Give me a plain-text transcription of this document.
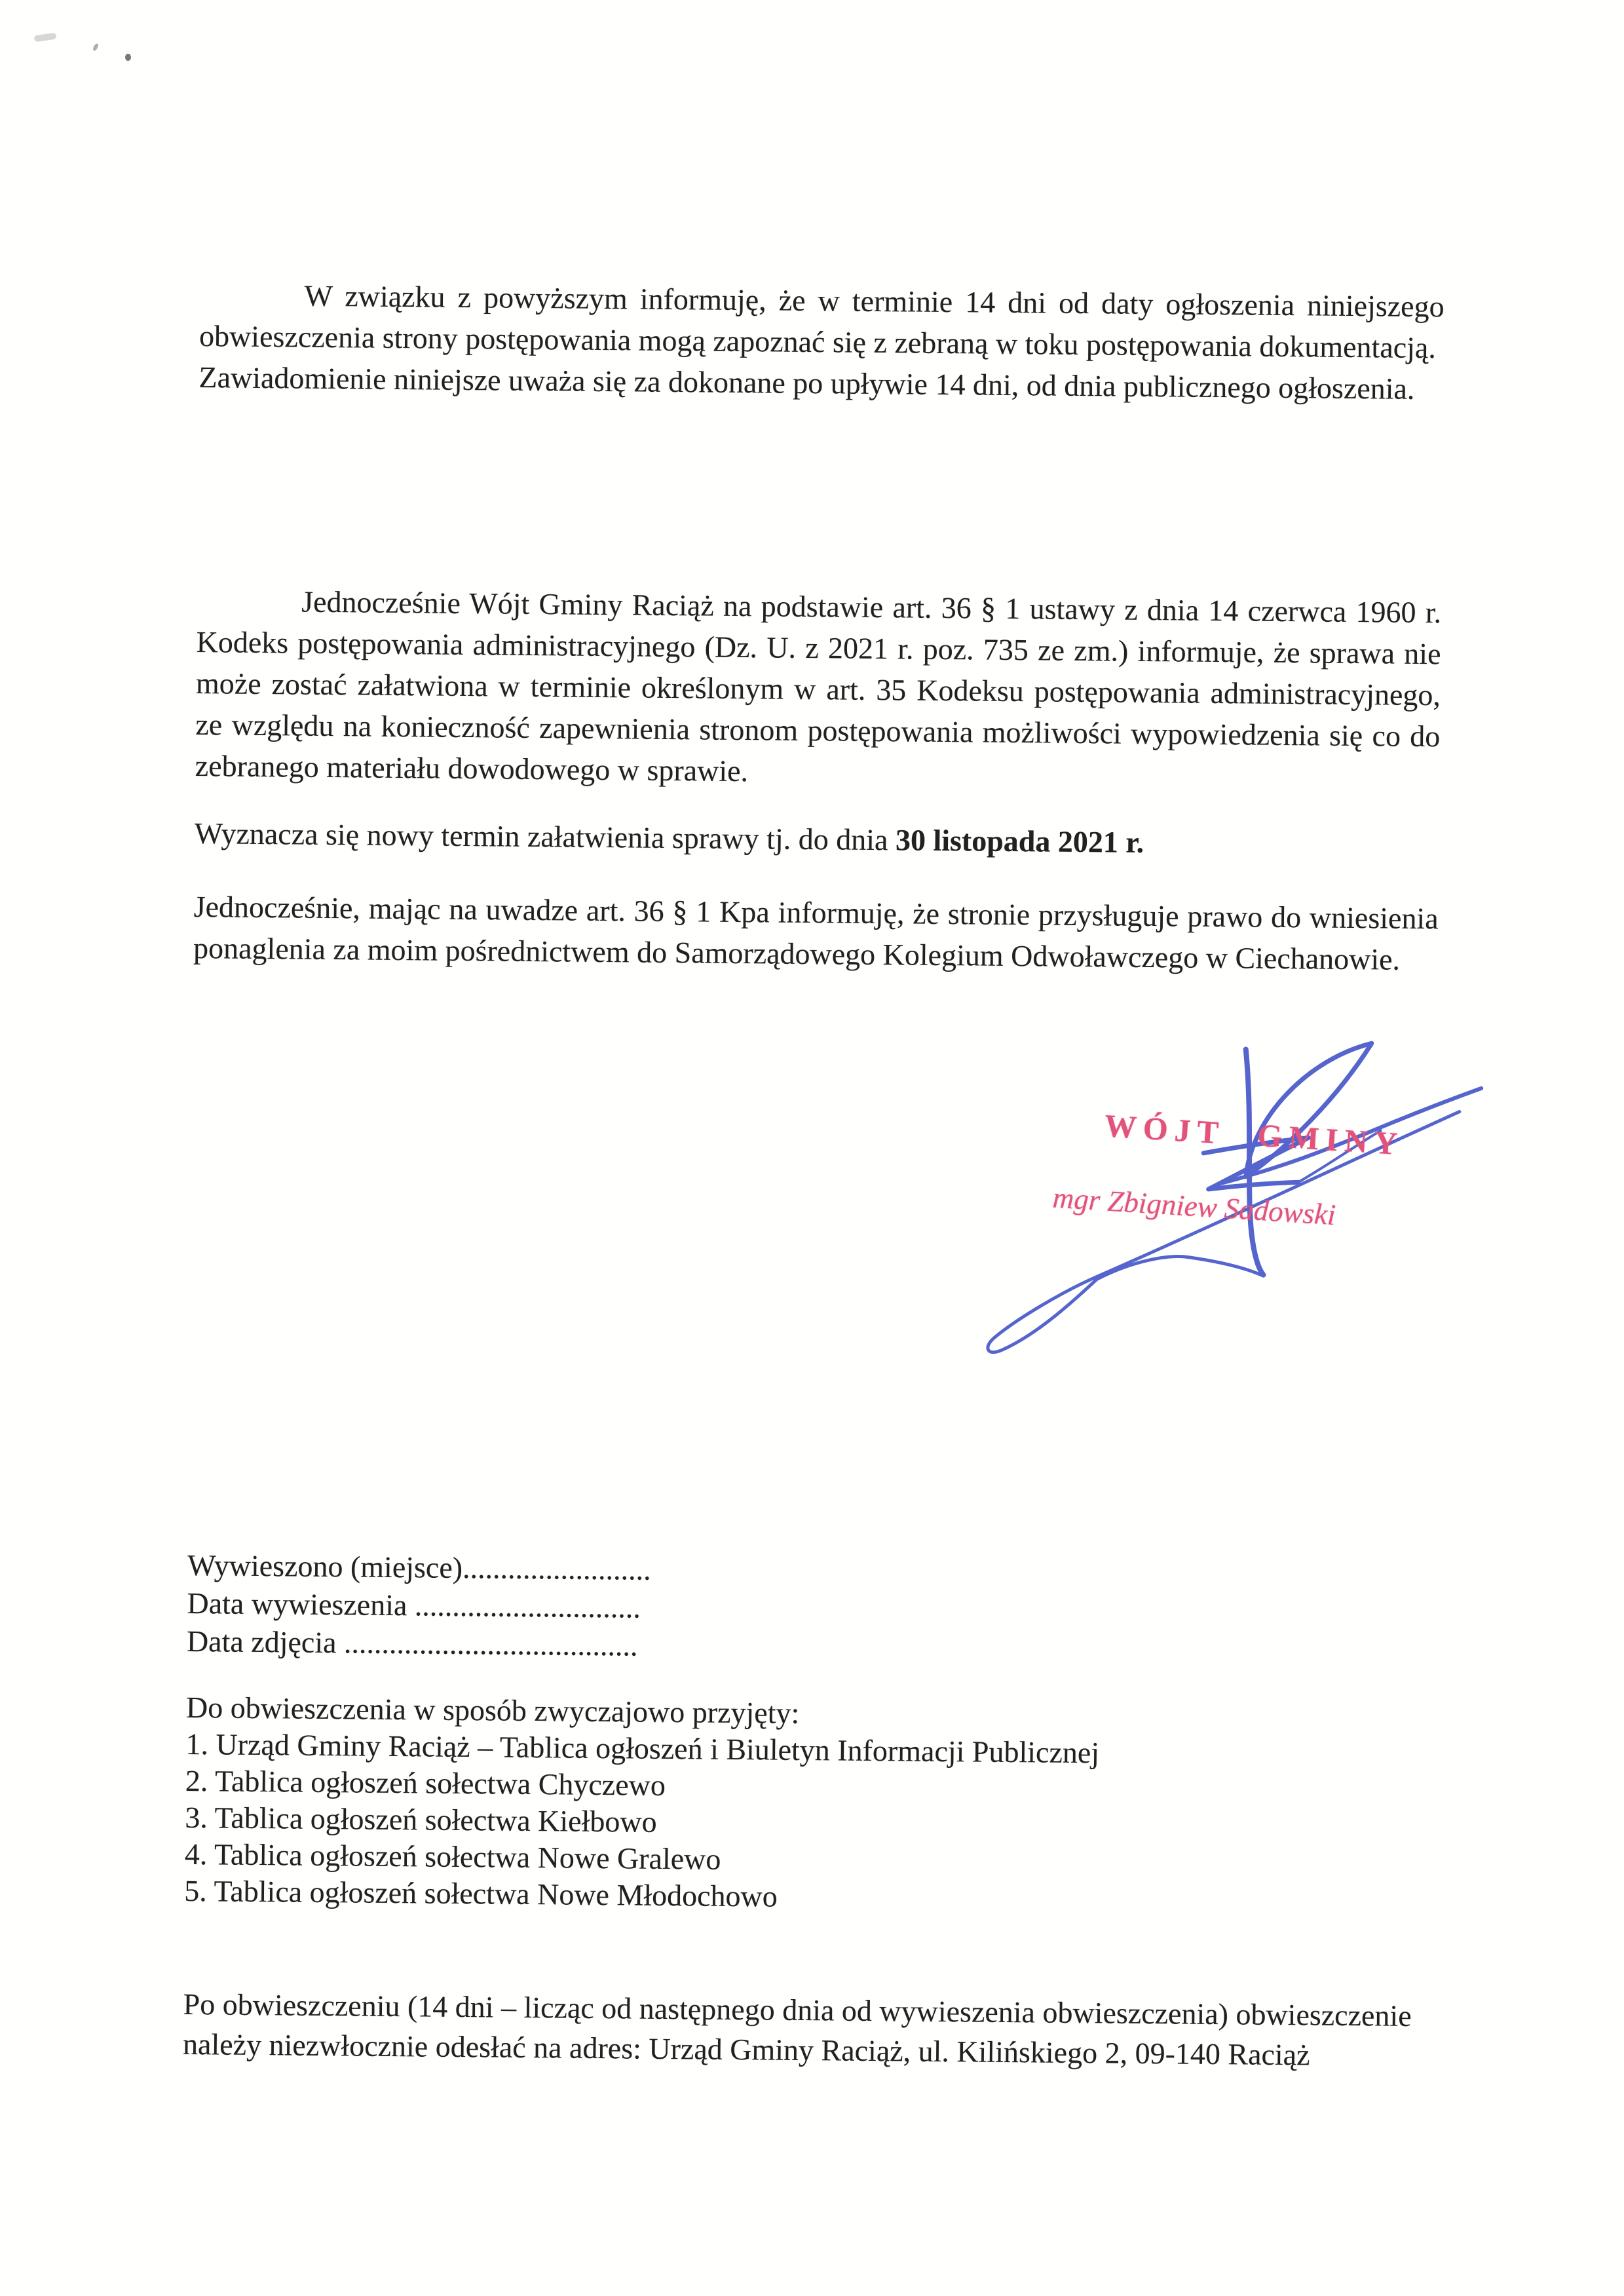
W związku z powyższym informuję, że w terminie 14 dni od daty ogłoszenia niniejszego obwieszczenia strony postępowania mogą zapoznać się z zebraną w toku postępowania dokumentacją.
Zawiadomienie niniejsze uważa się za dokonane po upływie 14 dni, od dnia publicznego ogłoszenia.
Jednocześnie Wójt Gminy Raciąż na podstawie art. 36 § 1 ustawy z dnia 14 czerwca 1960 r. Kodeks postępowania administracyjnego (Dz. U. z 2021 r. poz. 735 ze zm.) informuje, że sprawa nie może zostać załatwiona w terminie określonym w art. 35 Kodeksu postępowania administracyjnego, ze względu na konieczność zapewnienia stronom postępowania możliwości wypowiedzenia się co do zebranego materiału dowodowego w sprawie.
Wyznacza się nowy termin załatwienia sprawy tj. do dnia 30 listopada 2021 r.
Jednocześnie, mając na uwadze art. 36 § 1 Kpa informuję, że stronie przysługuje prawo do wniesienia ponaglenia za moim pośrednictwem do Samorządowego Kolegium Odwoławczego w Ciechanowie.
WÓJT GMINY
mgr Zbigniew Sadowski
Wywieszono (miejsce).........................
Data wywieszenia ..............................
Data zdjęcia .......................................
Do obwieszczenia w sposób zwyczajowo przyjęty:
1. Urząd Gminy Raciąż – Tablica ogłoszeń i Biuletyn Informacji Publicznej
2. Tablica ogłoszeń sołectwa Chyczewo
3. Tablica ogłoszeń sołectwa Kiełbowo
4. Tablica ogłoszeń sołectwa Nowe Gralewo
5. Tablica ogłoszeń sołectwa Nowe Młodochowo
Po obwieszczeniu (14 dni – licząc od następnego dnia od wywieszenia obwieszczenia) obwieszczenie należy niezwłocznie odesłać na adres: Urząd Gminy Raciąż, ul. Kilińskiego 2, 09-140 Raciąż
